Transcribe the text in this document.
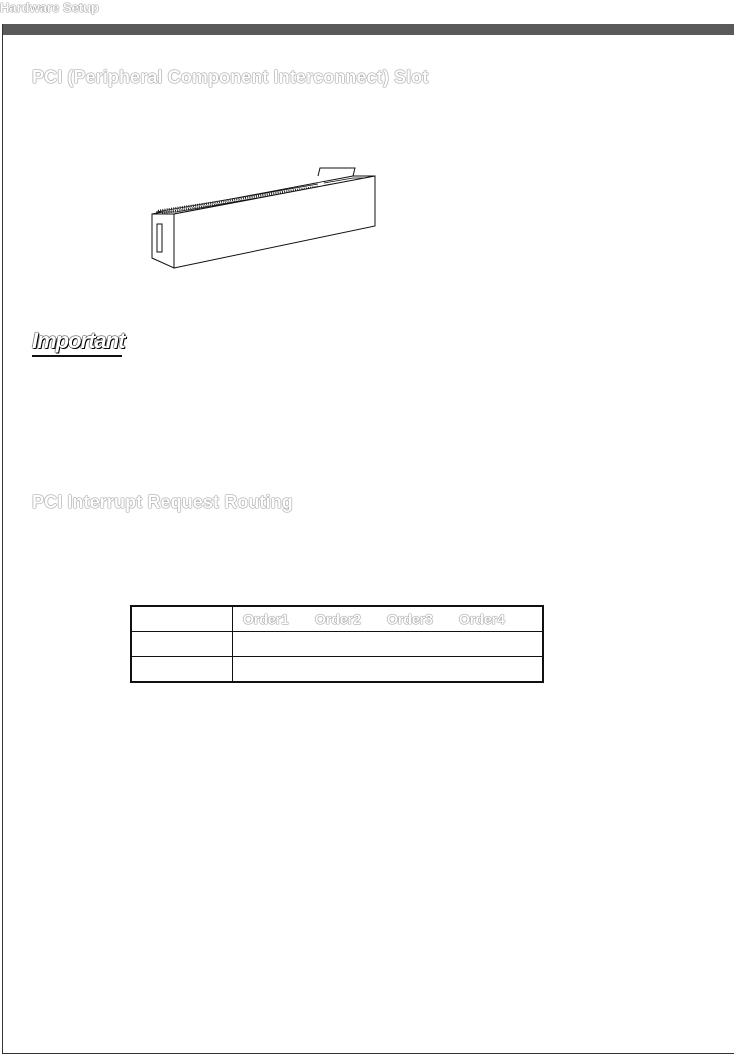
Hardware Setup
PCI (Peripheral Component Interconnect) Slot
Important
PCI Interrupt Request Routing
	Order1 Order2 Order3 Order4
